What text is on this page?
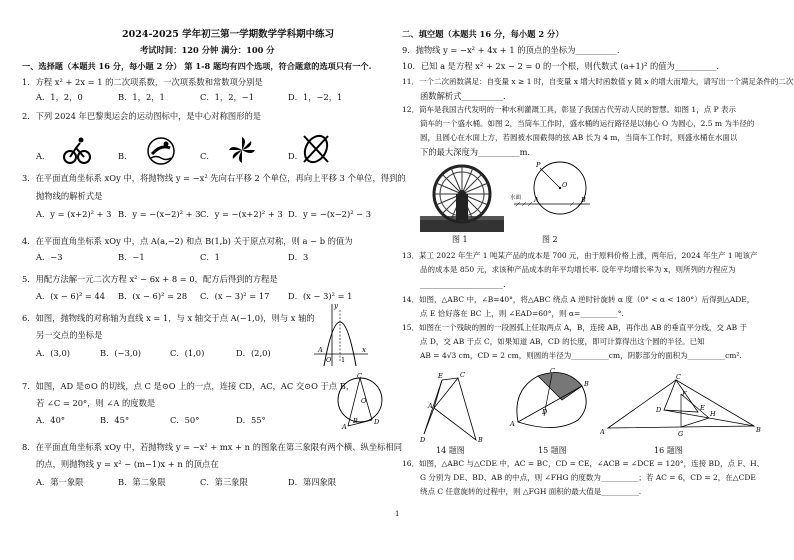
2024-2025 学年初三第一学期数学学科期中练习
考试时间：120 分钟 满分：100 分
一、选择题（本题共 16 分，每小题 2 分） 第 1-8 题均有四个选项，符合题意的选项只有一个.
1．方程 x² + 2x = 1 的二次项系数，一次项系数和常数项分别是
A．1，2，0	B．1，2，1	C．1，2，−1	D．1，−2，1
2．下列 2024 年巴黎奥运会的运动图标中，是中心对称图形的是
A．	B．	C．	D．
3．在平面直角坐标系 xOy 中，将抛物线 y = −x² 先向右平移 2 个单位，再向上平移 3 个单位，得到的
抛物线的解析式是
A．y = (x+2)² + 3 B．y = −(x−2)² + 3 C．y = −(x+2)² + 3 D．y = −(x−2)² − 3
4．在平面直角坐标系 xOy 中，点 A(a,−2) 和点 B(1,b) 关于原点对称，则 a − b 的值为
A．−3	B．−1	C．1	D．3
5．用配方法解一元二次方程 x² − 6x + 8 = 0，配方后得到的方程是
A．(x − 6)² = 44 B．(x − 6)² = 28 C．(x − 3)² = 17 D．(x − 3)² = 1
6．如图，抛物线的对称轴为直线 x = 1，与 x 轴交于点 A(−1,0)，则与 x 轴的
另一交点的坐标是
A．(3,0)	B．(−3,0)	C．(1,0)	D．(2,0)
y
x
O
A
1
7．如图，AD 是⊙O 的切线，点 C 是⊙O 上的一点，连接 CD，AC，AC 交⊙O 于点 B，
若 ∠C = 20°，则 ∠A 的度数是
A．40°	B．45°	C．50°	D．55°
C
O
A
B D
8．在平面直角坐标系 xOy 中，若抛物线 y = −x² + mx + n 的图象在第三象限有两个横、纵坐标相同
的点，则抛物线 y = x² − (m−1)x + n 的顶点在
A．第一象限	B．第二象限	C．第三象限	D．第四象限
二、填空题（本题共 16 分，每小题 2 分）
9．抛物线 y = −x² + 4x + 1 的顶点的坐标为__________.
10．已知 a 是方程 x² + 2x − 2 = 0 的一个根，则代数式 (a+1)² 的值为__________.
11．一个二次函数满足：自变量 x ≥ 1 时，自变量 x 增大时函数值 y 随 x 的增大而增大，请写出一个满足条件的二次
函数解析式__________.
12．筒车是我国古代发明的一种水利灌溉工具，彰显了我国古代劳动人民的智慧。如图 1，点 P 表示
筒车的一个盛水桶。如图 2，当筒车工作时，盛水桶的运行路径是以轴心 O 为圆心，2.5 m 为半径的
圆，且圆心在水面上方，若圆被水面截得的弦 AB 长为 4 m，当筒车工作时，则盛水桶在水面以
下的最大深度为__________m.
图 1
O
P
A	B
水面
图 2
13．某工 2022 年生产 1 吨某产品的成本是 700 元，由于原料价格上涨，两年后，2024 年生产 1 吨该产
品的成本是 850 元，求该种产品成本的年平均增长率. 设年平均增长率为 x，则所列的方程应为
____________________.
14．如图，△ABC 中，∠B=40°，将△ABC 绕点 A 逆时针旋转 α 度（0° < α < 180°）后得到△ADE，
点 E 恰好落在 BC 上，则 ∠EAD=60°，则 α=__________°.
15．如图在一个残缺的圆的一段圆弧上任取两点 A，B，连接 AB，再作出 AB 的垂直平分线，交 AB 于
点 D，交 AB 于点 C，如果知道 AB，CD 的长度，即可计算得出这个圆的半径。已知
AB = 4√3 cm，CD = 2 cm，则圆的半径为__________cm，阴影部分的面积为__________cm².
E
A
C
D	B
14 题图
C
A
D
B
15 题图
C
F
E
D	H
A	B
G
16 题图
16．如图，△ABC 与△CDE 中，AC = BC，CD = CE，∠ACB = ∠DCE = 120°，连接 BD，点 F、H、
G 分别为 DE、BD、AB 的中点，则 ∠FHG 的度数为__________；若 AC = 6，CD = 2，在△CDE
绕点 C 任意旋转的过程中，则 △FGH 面积的最大值是__________.
1
